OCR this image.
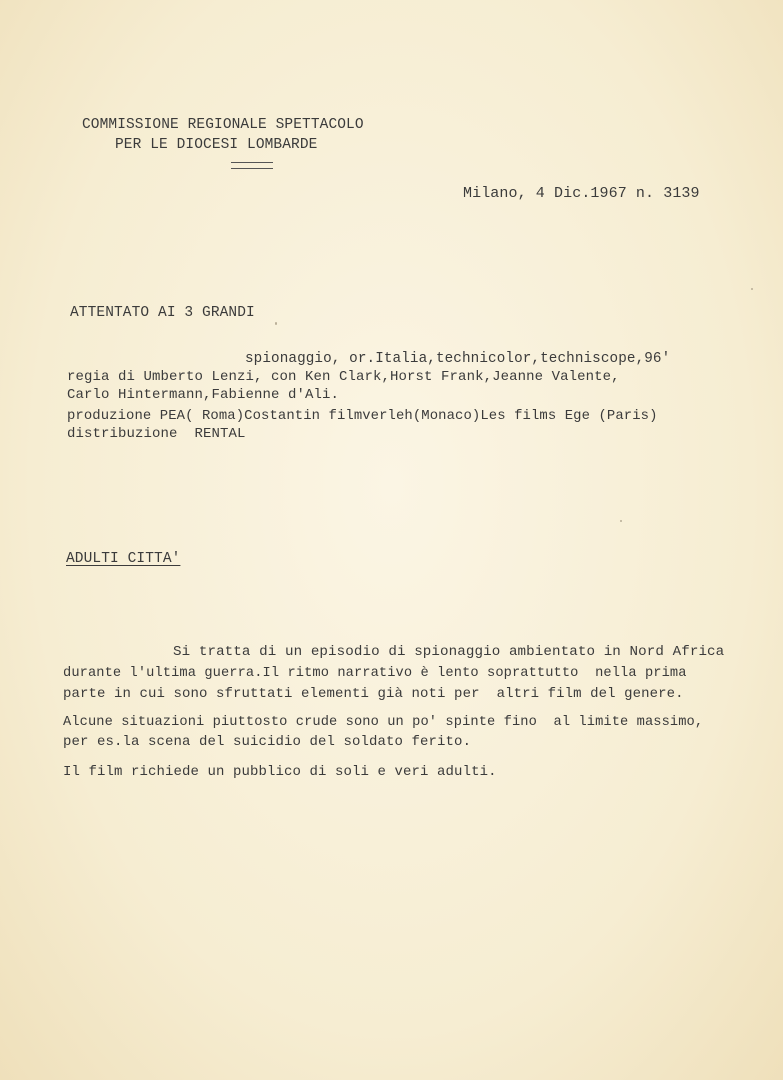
COMMISSIONE REGIONALE SPETTACOLO
PER LE DIOCESI LOMBARDE
Milano, 4 Dic.1967 n. 3139
ATTENTATO AI 3 GRANDI
spionaggio, or.Italia,technicolor,techniscope,96'
regia di Umberto Lenzi, con Ken Clark,Horst Frank,Jeanne Valente,
Carlo Hintermann,Fabienne d'Ali.
produzione PEA( Roma)Costantin filmverleh(Monaco)Les films Ege (Paris)
distribuzione  RENTAL
ADULTI CITTA'
Si tratta di un episodio di spionaggio ambientato in Nord Africa
durante l'ultima guerra.Il ritmo narrativo è lento soprattutto  nella prima
parte in cui sono sfruttati elementi già noti per  altri film del genere.
Alcune situazioni piuttosto crude sono un po' spinte fino  al limite massimo,
per es.la scena del suicidio del soldato ferito.
Il film richiede un pubblico di soli e veri adulti.
